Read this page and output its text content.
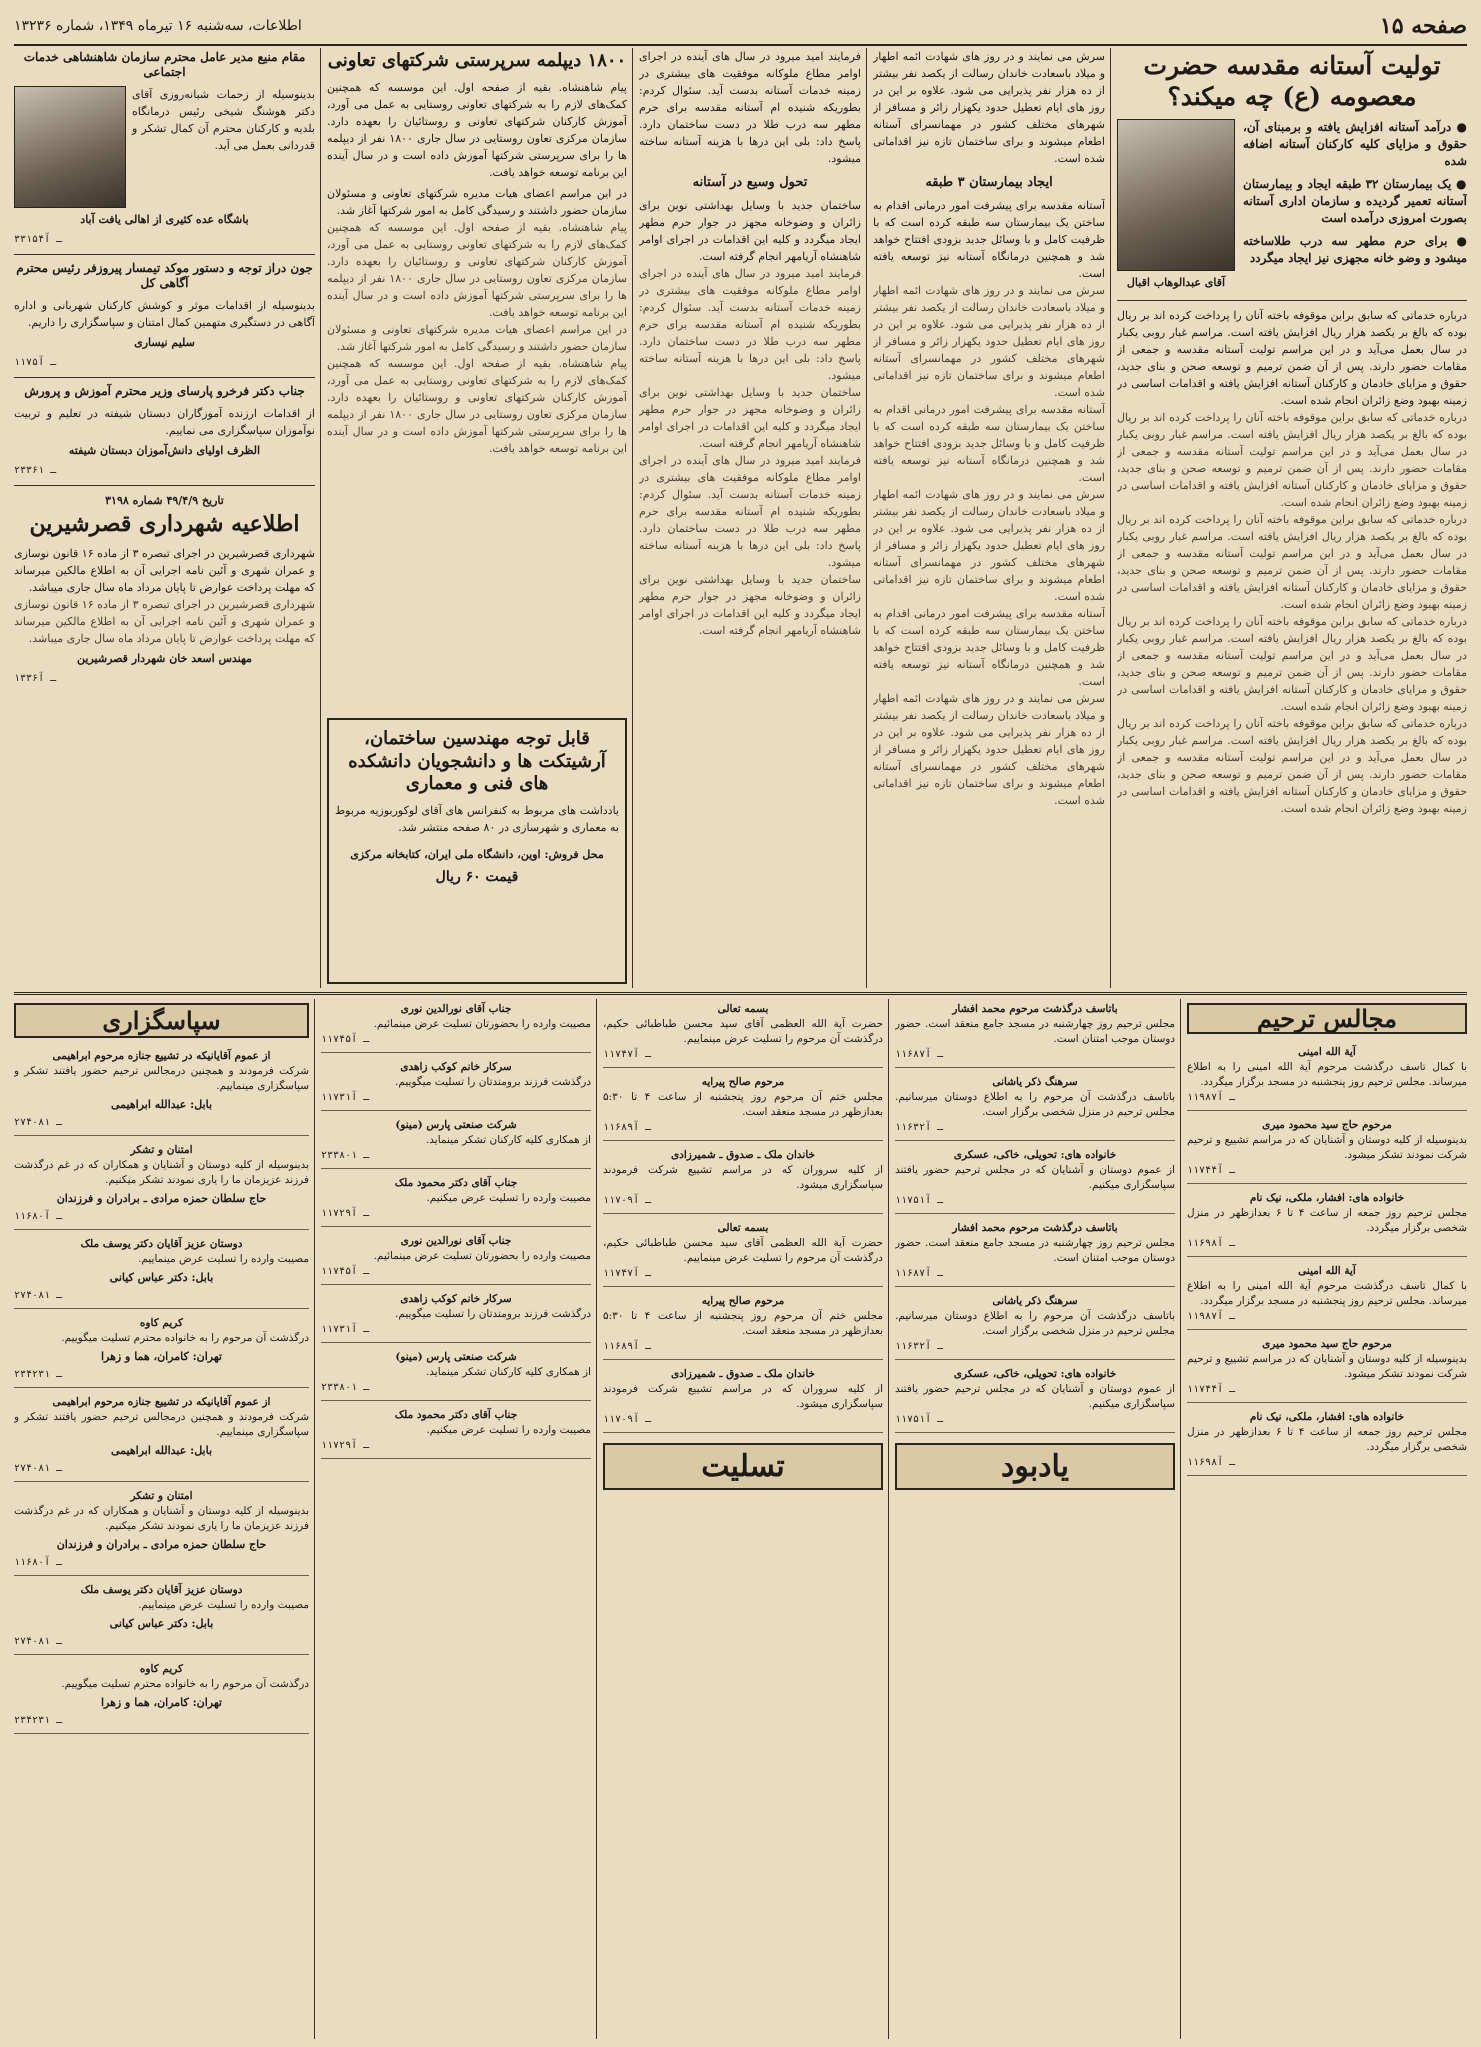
صفحه ۱۵
اطلاعات، سه‌شنبه ۱۶ تیرماه ۱۳۴۹، شماره ۱۳۲۳۶
تولیت آستانه مقدسه حضرت معصومه (ع) چه میکند؟
● درآمد آستانه افزایش یافته و برمبنای آن، حقوق و مزایای کلیه کارکنان آستانه اضافه شده
● یک بیمارستان ۳۲ طبقه ایجاد و بیمارستان آستانه تعمیر گردیده و سازمان اداری آستانه بصورت امروزی درآمده است
● برای حرم مطهر سه درب طلاساخته میشود و وضو خانه مجهزی نیز ایجاد میگردد
آقای عبدالوهاب اقبال
درباره خدماتی که سابق براین موقوفه باخته آنان را پرداخت کرده اند بر ریال بوده که بالغ بر یکصد هزار ریال افزایش یافته است. مراسم غبار روبی یکبار در سال بعمل می‌آید و در این مراسم تولیت آستانه مقدسه و جمعی از مقامات حضور دارند. پس از آن ضمن ترمیم و توسعه صحن و بنای جدید، حقوق و مزایای خادمان و کارکنان آستانه افزایش یافته و اقدامات اساسی در زمینه بهبود وضع زائران انجام شده است.
درباره خدماتی که سابق براین موقوفه باخته آنان را پرداخت کرده اند بر ریال بوده که بالغ بر یکصد هزار ریال افزایش یافته است. مراسم غبار روبی یکبار در سال بعمل می‌آید و در این مراسم تولیت آستانه مقدسه و جمعی از مقامات حضور دارند. پس از آن ضمن ترمیم و توسعه صحن و بنای جدید، حقوق و مزایای خادمان و کارکنان آستانه افزایش یافته و اقدامات اساسی در زمینه بهبود وضع زائران انجام شده است.
درباره خدماتی که سابق براین موقوفه باخته آنان را پرداخت کرده اند بر ریال بوده که بالغ بر یکصد هزار ریال افزایش یافته است. مراسم غبار روبی یکبار در سال بعمل می‌آید و در این مراسم تولیت آستانه مقدسه و جمعی از مقامات حضور دارند. پس از آن ضمن ترمیم و توسعه صحن و بنای جدید، حقوق و مزایای خادمان و کارکنان آستانه افزایش یافته و اقدامات اساسی در زمینه بهبود وضع زائران انجام شده است.
درباره خدماتی که سابق براین موقوفه باخته آنان را پرداخت کرده اند بر ریال بوده که بالغ بر یکصد هزار ریال افزایش یافته است. مراسم غبار روبی یکبار در سال بعمل می‌آید و در این مراسم تولیت آستانه مقدسه و جمعی از مقامات حضور دارند. پس از آن ضمن ترمیم و توسعه صحن و بنای جدید، حقوق و مزایای خادمان و کارکنان آستانه افزایش یافته و اقدامات اساسی در زمینه بهبود وضع زائران انجام شده است.
درباره خدماتی که سابق براین موقوفه باخته آنان را پرداخت کرده اند بر ریال بوده که بالغ بر یکصد هزار ریال افزایش یافته است. مراسم غبار روبی یکبار در سال بعمل می‌آید و در این مراسم تولیت آستانه مقدسه و جمعی از مقامات حضور دارند. پس از آن ضمن ترمیم و توسعه صحن و بنای جدید، حقوق و مزایای خادمان و کارکنان آستانه افزایش یافته و اقدامات اساسی در زمینه بهبود وضع زائران انجام شده است.
سرش می نمایند و در روز های شهادت ائمه اطهار و میلاد باسعادت خاندان رسالت از یکصد نفر بیشتر از ده هزار نفر پذیرایی می شود. علاوه بر این در روز های ایام تعطیل حدود یکهزار زائر و مسافر از شهرهای مختلف کشور در مهمانسرای آستانه اطعام میشوند و برای ساختمان تازه نیز اقداماتی شده است.
ایجاد بیمارستان ۳ طبقه
آستانه مقدسه برای پیشرفت امور درمانی اقدام به ساختن یک بیمارستان سه طبقه کرده است که با ظرفیت کامل و با وسائل جدید بزودی افتتاح خواهد شد و همچنین درمانگاه آستانه نیز توسعه یافته است.
سرش می نمایند و در روز های شهادت ائمه اطهار و میلاد باسعادت خاندان رسالت از یکصد نفر بیشتر از ده هزار نفر پذیرایی می شود. علاوه بر این در روز های ایام تعطیل حدود یکهزار زائر و مسافر از شهرهای مختلف کشور در مهمانسرای آستانه اطعام میشوند و برای ساختمان تازه نیز اقداماتی شده است.
آستانه مقدسه برای پیشرفت امور درمانی اقدام به ساختن یک بیمارستان سه طبقه کرده است که با ظرفیت کامل و با وسائل جدید بزودی افتتاح خواهد شد و همچنین درمانگاه آستانه نیز توسعه یافته است.
سرش می نمایند و در روز های شهادت ائمه اطهار و میلاد باسعادت خاندان رسالت از یکصد نفر بیشتر از ده هزار نفر پذیرایی می شود. علاوه بر این در روز های ایام تعطیل حدود یکهزار زائر و مسافر از شهرهای مختلف کشور در مهمانسرای آستانه اطعام میشوند و برای ساختمان تازه نیز اقداماتی شده است.
آستانه مقدسه برای پیشرفت امور درمانی اقدام به ساختن یک بیمارستان سه طبقه کرده است که با ظرفیت کامل و با وسائل جدید بزودی افتتاح خواهد شد و همچنین درمانگاه آستانه نیز توسعه یافته است.
سرش می نمایند و در روز های شهادت ائمه اطهار و میلاد باسعادت خاندان رسالت از یکصد نفر بیشتر از ده هزار نفر پذیرایی می شود. علاوه بر این در روز های ایام تعطیل حدود یکهزار زائر و مسافر از شهرهای مختلف کشور در مهمانسرای آستانه اطعام میشوند و برای ساختمان تازه نیز اقداماتی شده است.
فرمایند امید میرود در سال های آینده در اجرای اوامر مطاع ملوکانه موفقیت های بیشتری در زمینه خدمات آستانه بدست آید. سئوال کردم: بطوریکه شنیده ام آستانه مقدسه برای حرم مطهر سه درب طلا در دست ساختمان دارد. پاسخ داد: بلی این درها با هزینه آستانه ساخته میشود.
تحول وسیع در آستانه
ساختمان جدید با وسایل بهداشتی نوین برای زائران و وضوخانه مجهز در جوار حرم مطهر ایجاد میگردد و کلیه این اقدامات در اجرای اوامر شاهنشاه آریامهر انجام گرفته است.
فرمایند امید میرود در سال های آینده در اجرای اوامر مطاع ملوکانه موفقیت های بیشتری در زمینه خدمات آستانه بدست آید. سئوال کردم: بطوریکه شنیده ام آستانه مقدسه برای حرم مطهر سه درب طلا در دست ساختمان دارد. پاسخ داد: بلی این درها با هزینه آستانه ساخته میشود.
ساختمان جدید با وسایل بهداشتی نوین برای زائران و وضوخانه مجهز در جوار حرم مطهر ایجاد میگردد و کلیه این اقدامات در اجرای اوامر شاهنشاه آریامهر انجام گرفته است.
فرمایند امید میرود در سال های آینده در اجرای اوامر مطاع ملوکانه موفقیت های بیشتری در زمینه خدمات آستانه بدست آید. سئوال کردم: بطوریکه شنیده ام آستانه مقدسه برای حرم مطهر سه درب طلا در دست ساختمان دارد. پاسخ داد: بلی این درها با هزینه آستانه ساخته میشود.
ساختمان جدید با وسایل بهداشتی نوین برای زائران و وضوخانه مجهز در جوار حرم مطهر ایجاد میگردد و کلیه این اقدامات در اجرای اوامر شاهنشاه آریامهر انجام گرفته است.
۱۸۰۰ دیپلمه سرپرستی شرکتهای تعاونی
پیام شاهنشاه. بقیه از صفحه اول. این موسسه که همچنین کمک‌های لازم را به شرکتهای تعاونی روستایی به عمل می آورد، آموزش کارکنان شرکتهای تعاونی و روستائیان را بعهده دارد. سازمان مرکزی تعاون روستایی در سال جاری ۱۸۰۰ نفر از دیپلمه ها را برای سرپرستی شرکتها آموزش داده است و در سال آینده این برنامه توسعه خواهد یافت.
در این مراسم اعضای هیات مدیره شرکتهای تعاونی و مسئولان سازمان حضور داشتند و رسیدگی کامل به امور شرکتها آغاز شد.
پیام شاهنشاه. بقیه از صفحه اول. این موسسه که همچنین کمک‌های لازم را به شرکتهای تعاونی روستایی به عمل می آورد، آموزش کارکنان شرکتهای تعاونی و روستائیان را بعهده دارد. سازمان مرکزی تعاون روستایی در سال جاری ۱۸۰۰ نفر از دیپلمه ها را برای سرپرستی شرکتها آموزش داده است و در سال آینده این برنامه توسعه خواهد یافت.
در این مراسم اعضای هیات مدیره شرکتهای تعاونی و مسئولان سازمان حضور داشتند و رسیدگی کامل به امور شرکتها آغاز شد.
پیام شاهنشاه. بقیه از صفحه اول. این موسسه که همچنین کمک‌های لازم را به شرکتهای تعاونی روستایی به عمل می آورد، آموزش کارکنان شرکتهای تعاونی و روستائیان را بعهده دارد. سازمان مرکزی تعاون روستایی در سال جاری ۱۸۰۰ نفر از دیپلمه ها را برای سرپرستی شرکتها آموزش داده است و در سال آینده این برنامه توسعه خواهد یافت.
قابل توجه مهندسین ساختمان، آرشیتکت ها و دانشجویان دانشکده های فنی و معماری
یادداشت های مربوط به کنفرانس های آقای لوکوربوزیه مربوط به معماری و شهرسازی در ۸۰ صفحه منتشر شد.
محل فروش: اوین، دانشگاه ملی ایران، کتابخانه مرکزی
قیمت ۶۰ ریال
مقام منیع مدیر عامل محترم سازمان شاهنشاهی خدمات اجتماعی
بدینوسیله از زحمات شبانه‌روزی آقای دکتر هوشنگ شیخی رئیس درمانگاه بلدیه و کارکنان محترم آن کمال تشکر و قدردانی بعمل می آید.
باشگاه عده کثیری از اهالی یافت آباد
۳۳۱۵۴ـ آ
جون دراز توجه و دستور موکد تیمسار پیروزفر رئیس محترم آگاهی کل
بدینوسیله از اقدامات موثر و کوشش کارکنان شهربانی و اداره آگاهی در دستگیری متهمین کمال امتنان و سپاسگزاری را داریم.
سلیم نیساری
۱۱۷۵ـ آ
جناب دکتر فرخرو پارسای وزیر محترم آموزش و پرورش
از اقدامات ارزنده آموزگاران دبستان شیفته در تعلیم و تربیت نوآموزان سپاسگزاری می نماییم.
الظرف اولیای دانش‌آموزان دبستان شیفته
۲۳۳۶ـ ۱
تاریخ ۴۹/۴/۹ شماره ۳۱۹۸
اطلاعیه شهرداری قصرشیرین
شهرداری قصرشیرین در اجرای تبصره ۳ از ماده ۱۶ قانون نوسازی و عمران شهری و آئین نامه اجرایی آن به اطلاع مالکین میرساند که مهلت پرداخت عوارض تا پایان مرداد ماه سال جاری میباشد.
شهرداری قصرشیرین در اجرای تبصره ۳ از ماده ۱۶ قانون نوسازی و عمران شهری و آئین نامه اجرایی آن به اطلاع مالکین میرساند که مهلت پرداخت عوارض تا پایان مرداد ماه سال جاری میباشد.
مهندس اسعد خان شهردار قصرشیرین
۱۳۳۶ـ آ
مجالس ترحیم
آیة الله امینی
با کمال تاسف درگذشت مرحوم آیة الله امینی را به اطلاع میرساند. مجلس ترحیم روز پنجشنبه در مسجد برگزار میگردد.
۱۱۹۸۷ـ آ
مرحوم حاج سید محمود میری
بدینوسیله از کلیه دوستان و آشنایان که در مراسم تشییع و ترحیم شرکت نمودند تشکر میشود.
۱۱۷۴۴ـ آ
خانواده های: افشار، ملکی، نیک نام
مجلس ترحیم روز جمعه از ساعت ۴ تا ۶ بعدازظهر در منزل شخصی برگزار میگردد.
۱۱۶۹۸ـ آ
آیة الله امینی
با کمال تاسف درگذشت مرحوم آیة الله امینی را به اطلاع میرساند. مجلس ترحیم روز پنجشنبه در مسجد برگزار میگردد.
۱۱۹۸۷ـ آ
مرحوم حاج سید محمود میری
بدینوسیله از کلیه دوستان و آشنایان که در مراسم تشییع و ترحیم شرکت نمودند تشکر میشود.
۱۱۷۴۴ـ آ
خانواده های: افشار، ملکی، نیک نام
مجلس ترحیم روز جمعه از ساعت ۴ تا ۶ بعدازظهر در منزل شخصی برگزار میگردد.
۱۱۶۹۸ـ آ
باتاسف درگذشت مرحوم محمد افشار
مجلس ترحیم روز چهارشنبه در مسجد جامع منعقد است. حضور دوستان موجب امتنان است.
۱۱۶۸۷ـ آ
سرهنگ ذکر یاشانی
باتاسف درگذشت آن مرحوم را به اطلاع دوستان میرسانیم. مجلس ترحیم در منزل شخصی برگزار است.
۱۱۶۳۲ـ آ
خانواده های: تحویلی، خاکی، عسکری
از عموم دوستان و آشنایان که در مجلس ترحیم حضور یافتند سپاسگزاری میکنیم.
۱۱۷۵۱ـ آ
باتاسف درگذشت مرحوم محمد افشار
مجلس ترحیم روز چهارشنبه در مسجد جامع منعقد است. حضور دوستان موجب امتنان است.
۱۱۶۸۷ـ آ
سرهنگ ذکر یاشانی
باتاسف درگذشت آن مرحوم را به اطلاع دوستان میرسانیم. مجلس ترحیم در منزل شخصی برگزار است.
۱۱۶۳۲ـ آ
خانواده های: تحویلی، خاکی، عسکری
از عموم دوستان و آشنایان که در مجلس ترحیم حضور یافتند سپاسگزاری میکنیم.
۱۱۷۵۱ـ آ
یادبود
بسمه تعالی
حضرت آیة الله العظمی آقای سید محسن طباطبائی حکیم، درگذشت آن مرحوم را تسلیت عرض مینماییم.
۱۱۷۴۷ـ آ
مرحوم صالح پیرایه
مجلس ختم آن مرحوم روز پنجشنبه از ساعت ۴ تا ۵:۳۰ بعدازظهر در مسجد منعقد است.
۱۱۶۸۹ـ آ
خاندان ملک ـ صدوق ـ شمیرزادی
از کلیه سروران که در مراسم تشییع شرکت فرمودند سپاسگزاری میشود.
۱۱۷۰۹ـ آ
بسمه تعالی
حضرت آیة الله العظمی آقای سید محسن طباطبائی حکیم، درگذشت آن مرحوم را تسلیت عرض مینماییم.
۱۱۷۴۷ـ آ
مرحوم صالح پیرایه
مجلس ختم آن مرحوم روز پنجشنبه از ساعت ۴ تا ۵:۳۰ بعدازظهر در مسجد منعقد است.
۱۱۶۸۹ـ آ
خاندان ملک ـ صدوق ـ شمیرزادی
از کلیه سروران که در مراسم تشییع شرکت فرمودند سپاسگزاری میشود.
۱۱۷۰۹ـ آ
تسلیت
جناب آقای نورالدین نوری
مصیبت وارده را بحضورتان تسلیت عرض مینمائیم.
۱۱۷۴۵ـ آ
سرکار خانم کوکب زاهدی
درگذشت فرزند برومندتان را تسلیت میگوییم.
۱۱۷۳۱ـ آ
شرکت صنعتی پارس (مینو)
از همکاری کلیه کارکنان تشکر مینماید.
۲۳۳۸۰ـ ۱
جناب آقای دکتر محمود ملک
مصیبت وارده را تسلیت عرض میکنیم.
۱۱۷۲۹ـ آ
جناب آقای نورالدین نوری
مصیبت وارده را بحضورتان تسلیت عرض مینمائیم.
۱۱۷۴۵ـ آ
سرکار خانم کوکب زاهدی
درگذشت فرزند برومندتان را تسلیت میگوییم.
۱۱۷۳۱ـ آ
شرکت صنعتی پارس (مینو)
از همکاری کلیه کارکنان تشکر مینماید.
۲۳۳۸۰ـ ۱
جناب آقای دکتر محمود ملک
مصیبت وارده را تسلیت عرض میکنیم.
۱۱۷۲۹ـ آ
سپاسگزاری
از عموم آقایانیکه در تشییع جنازه مرحوم ابراهیمی
شرکت فرمودند و همچنین درمجالس ترحیم حضور یافتند تشکر و سپاسگزاری مینماییم.
بابل: عبدالله ابراهیمی
۲۷۴۰۸ـ ۱
امتنان و تشکر
بدینوسیله از کلیه دوستان و آشنایان و همکاران که در غم درگذشت فرزند عزیزمان ما را یاری نمودند تشکر میکنیم.
حاج سلطان حمزه مرادی ـ برادران و فرزندان
۱۱۶۸۰ـ آ
دوستان عزیز آقایان دکتر یوسف ملک
مصیبت وارده را تسلیت عرض مینماییم.
بابل: دکتر عباس کیانی
۲۷۴۰۸ـ ۱
کریم کاوه
درگذشت آن مرحوم را به خانواده محترم تسلیت میگوییم.
تهران: کامران، هما و زهرا
۲۳۴۲۳ـ ۱
از عموم آقایانیکه در تشییع جنازه مرحوم ابراهیمی
شرکت فرمودند و همچنین درمجالس ترحیم حضور یافتند تشکر و سپاسگزاری مینماییم.
بابل: عبدالله ابراهیمی
۲۷۴۰۸ـ ۱
امتنان و تشکر
بدینوسیله از کلیه دوستان و آشنایان و همکاران که در غم درگذشت فرزند عزیزمان ما را یاری نمودند تشکر میکنیم.
حاج سلطان حمزه مرادی ـ برادران و فرزندان
۱۱۶۸۰ـ آ
دوستان عزیز آقایان دکتر یوسف ملک
مصیبت وارده را تسلیت عرض مینماییم.
بابل: دکتر عباس کیانی
۲۷۴۰۸ـ ۱
کریم کاوه
درگذشت آن مرحوم را به خانواده محترم تسلیت میگوییم.
تهران: کامران، هما و زهرا
۲۳۴۲۳ـ ۱
